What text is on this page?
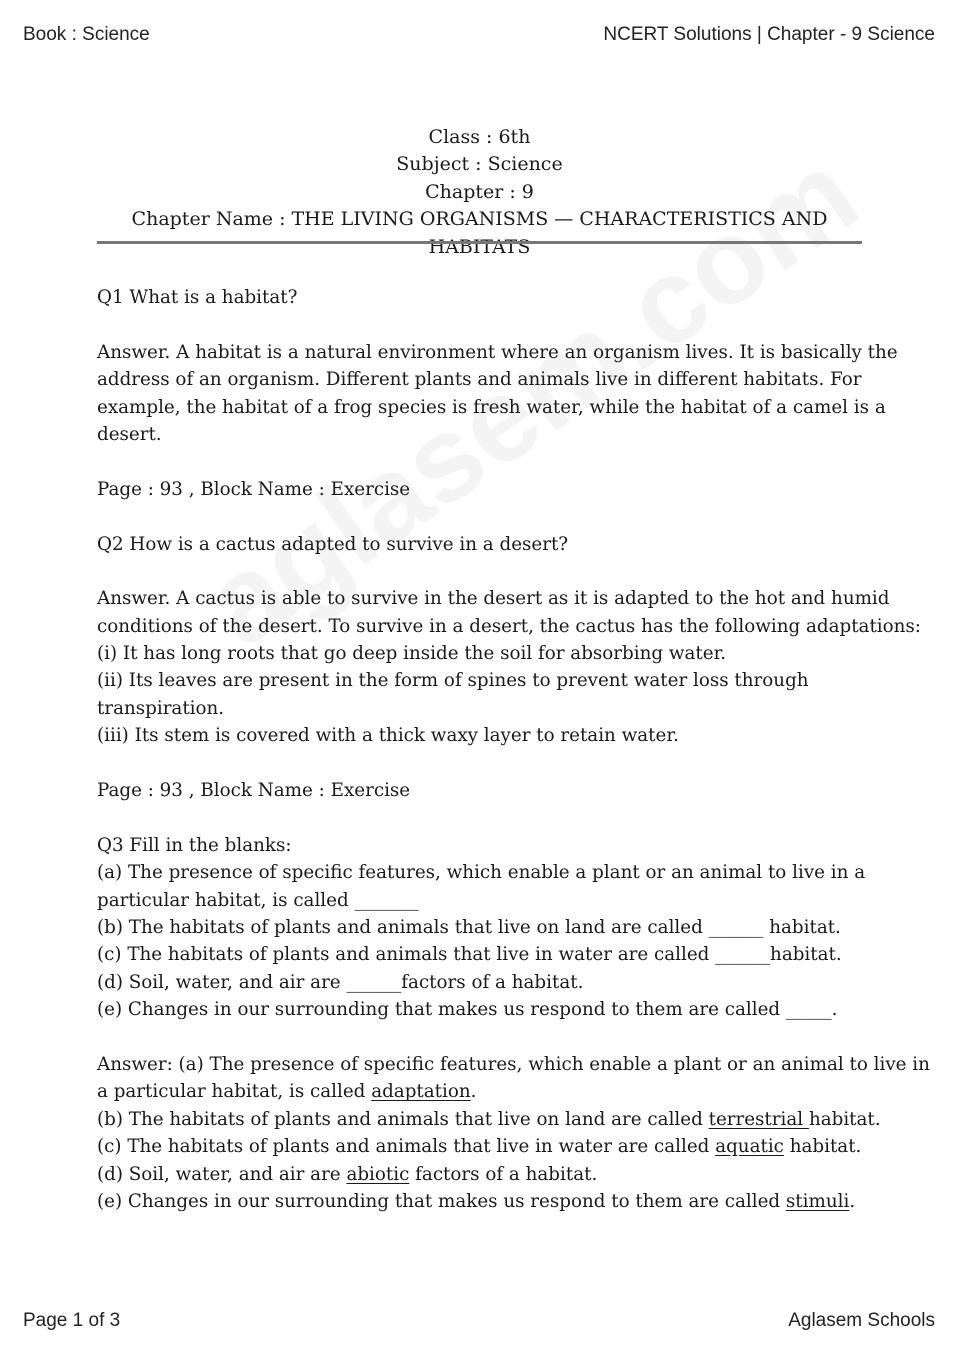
Book : Science	NCERT Solutions | Chapter - 9 Science
Class : 6th
Subject : Science
Chapter : 9
Chapter Name : THE LIVING ORGANISMS — CHARACTERISTICS AND HABITATS
Q1 What is a habitat?
Answer. A habitat is a natural environment where an organism lives. It is basically the
address of an organism. Different plants and animals live in different habitats. For
example, the habitat of a frog species is fresh water, while the habitat of a camel is a
desert.
Page : 93 , Block Name : Exercise
Q2 How is a cactus adapted to survive in a desert?
Answer. A cactus is able to survive in the desert as it is adapted to the hot and humid
conditions of the desert. To survive in a desert, the cactus has the following adaptations:
(i) It has long roots that go deep inside the soil for absorbing water.
(ii) Its leaves are present in the form of spines to prevent water loss through
transpiration.
(iii) Its stem is covered with a thick waxy layer to retain water.
Page : 93 , Block Name : Exercise
Q3 Fill in the blanks:
(a) The presence of specific features, which enable a plant or an animal to live in a
particular habitat, is called _______
(b) The habitats of plants and animals that live on land are called ______ habitat.
(c) The habitats of plants and animals that live in water are called ______habitat.
(d) Soil, water, and air are ______factors of a habitat.
(e) Changes in our surrounding that makes us respond to them are called _____.
Answer: (a) The presence of specific features, which enable a plant or an animal to live in
a particular habitat, is called adaptation.
(b) The habitats of plants and animals that live on land are called terrestrial habitat.
(c) The habitats of plants and animals that live in water are called aquatic habitat.
(d) Soil, water, and air are abiotic factors of a habitat.
(e) Changes in our surrounding that makes us respond to them are called stimuli.
Page 1 of 3	Aglasem Schools
